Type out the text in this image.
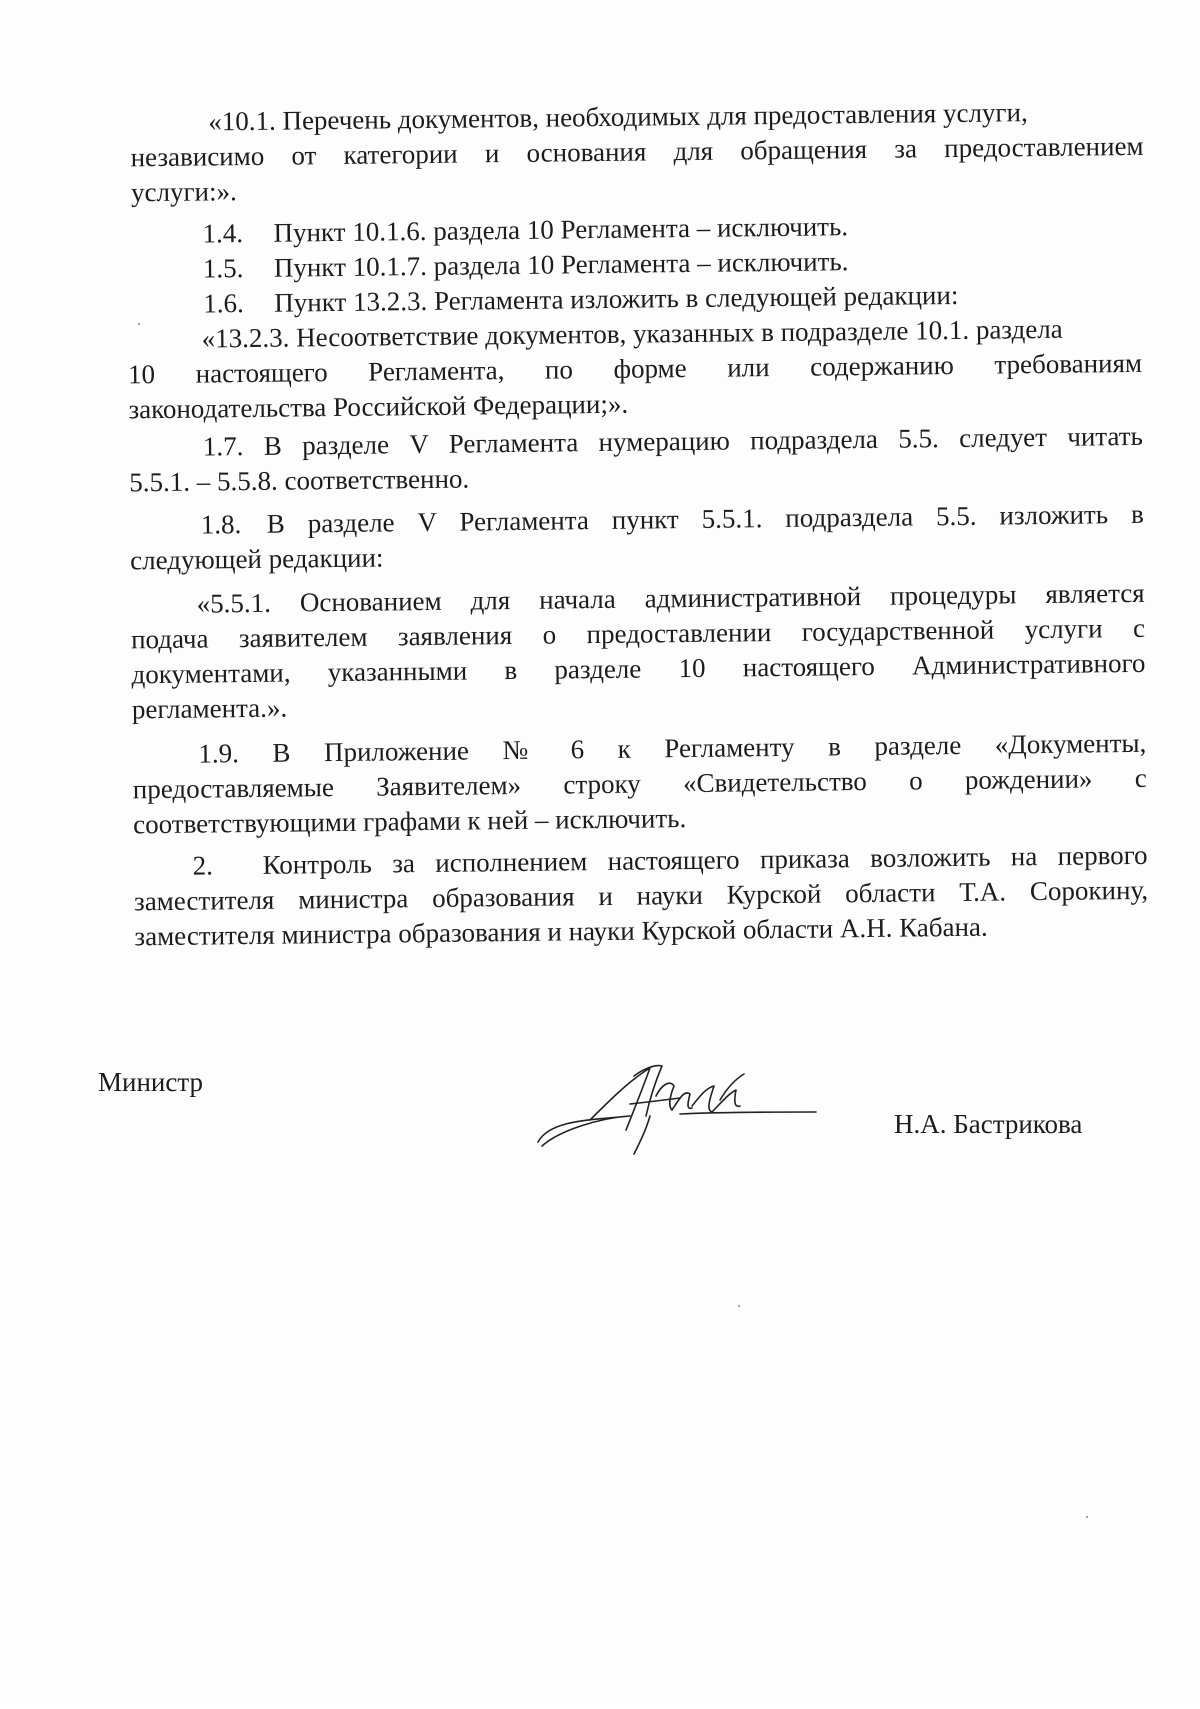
«10.1. Перечень документов, необходимых для предоставления услуги,
независимо от категории и основания для обращения за предоставлением
услуги:».
1.4. Пункт 10.1.6. раздела 10 Регламента – исключить.
1.5. Пункт 10.1.7. раздела 10 Регламента – исключить.
1.6. Пункт 13.2.3. Регламента изложить в следующей редакции:
«13.2.3. Несоответствие документов, указанных в подразделе 10.1. раздела
10 настоящего Регламента, по форме или содержанию требованиям
законодательства Российской Федерации;».
1.7. В разделе V Регламента нумерацию подраздела 5.5. следует читать
5.5.1. – 5.5.8. соответственно.
1.8. В разделе V Регламента пункт 5.5.1. подраздела 5.5. изложить в
следующей редакции:
«5.5.1. Основанием для начала административной процедуры является
подача заявителем заявления о предоставлении государственной услуги с
документами, указанными в разделе 10 настоящего Административного
регламента.».
1.9. В Приложение № 6 к Регламенту в разделе «Документы,
предоставляемые Заявителем» строку «Свидетельство о рождении» с
соответствующими графами к ней – исключить.
2. Контроль за исполнением настоящего приказа возложить на первого
заместителя министра образования и науки Курской области Т.А. Сорокину,
заместителя министра образования и науки Курской области А.Н. Кабана.
Министр
Н.А. Бастрикова
